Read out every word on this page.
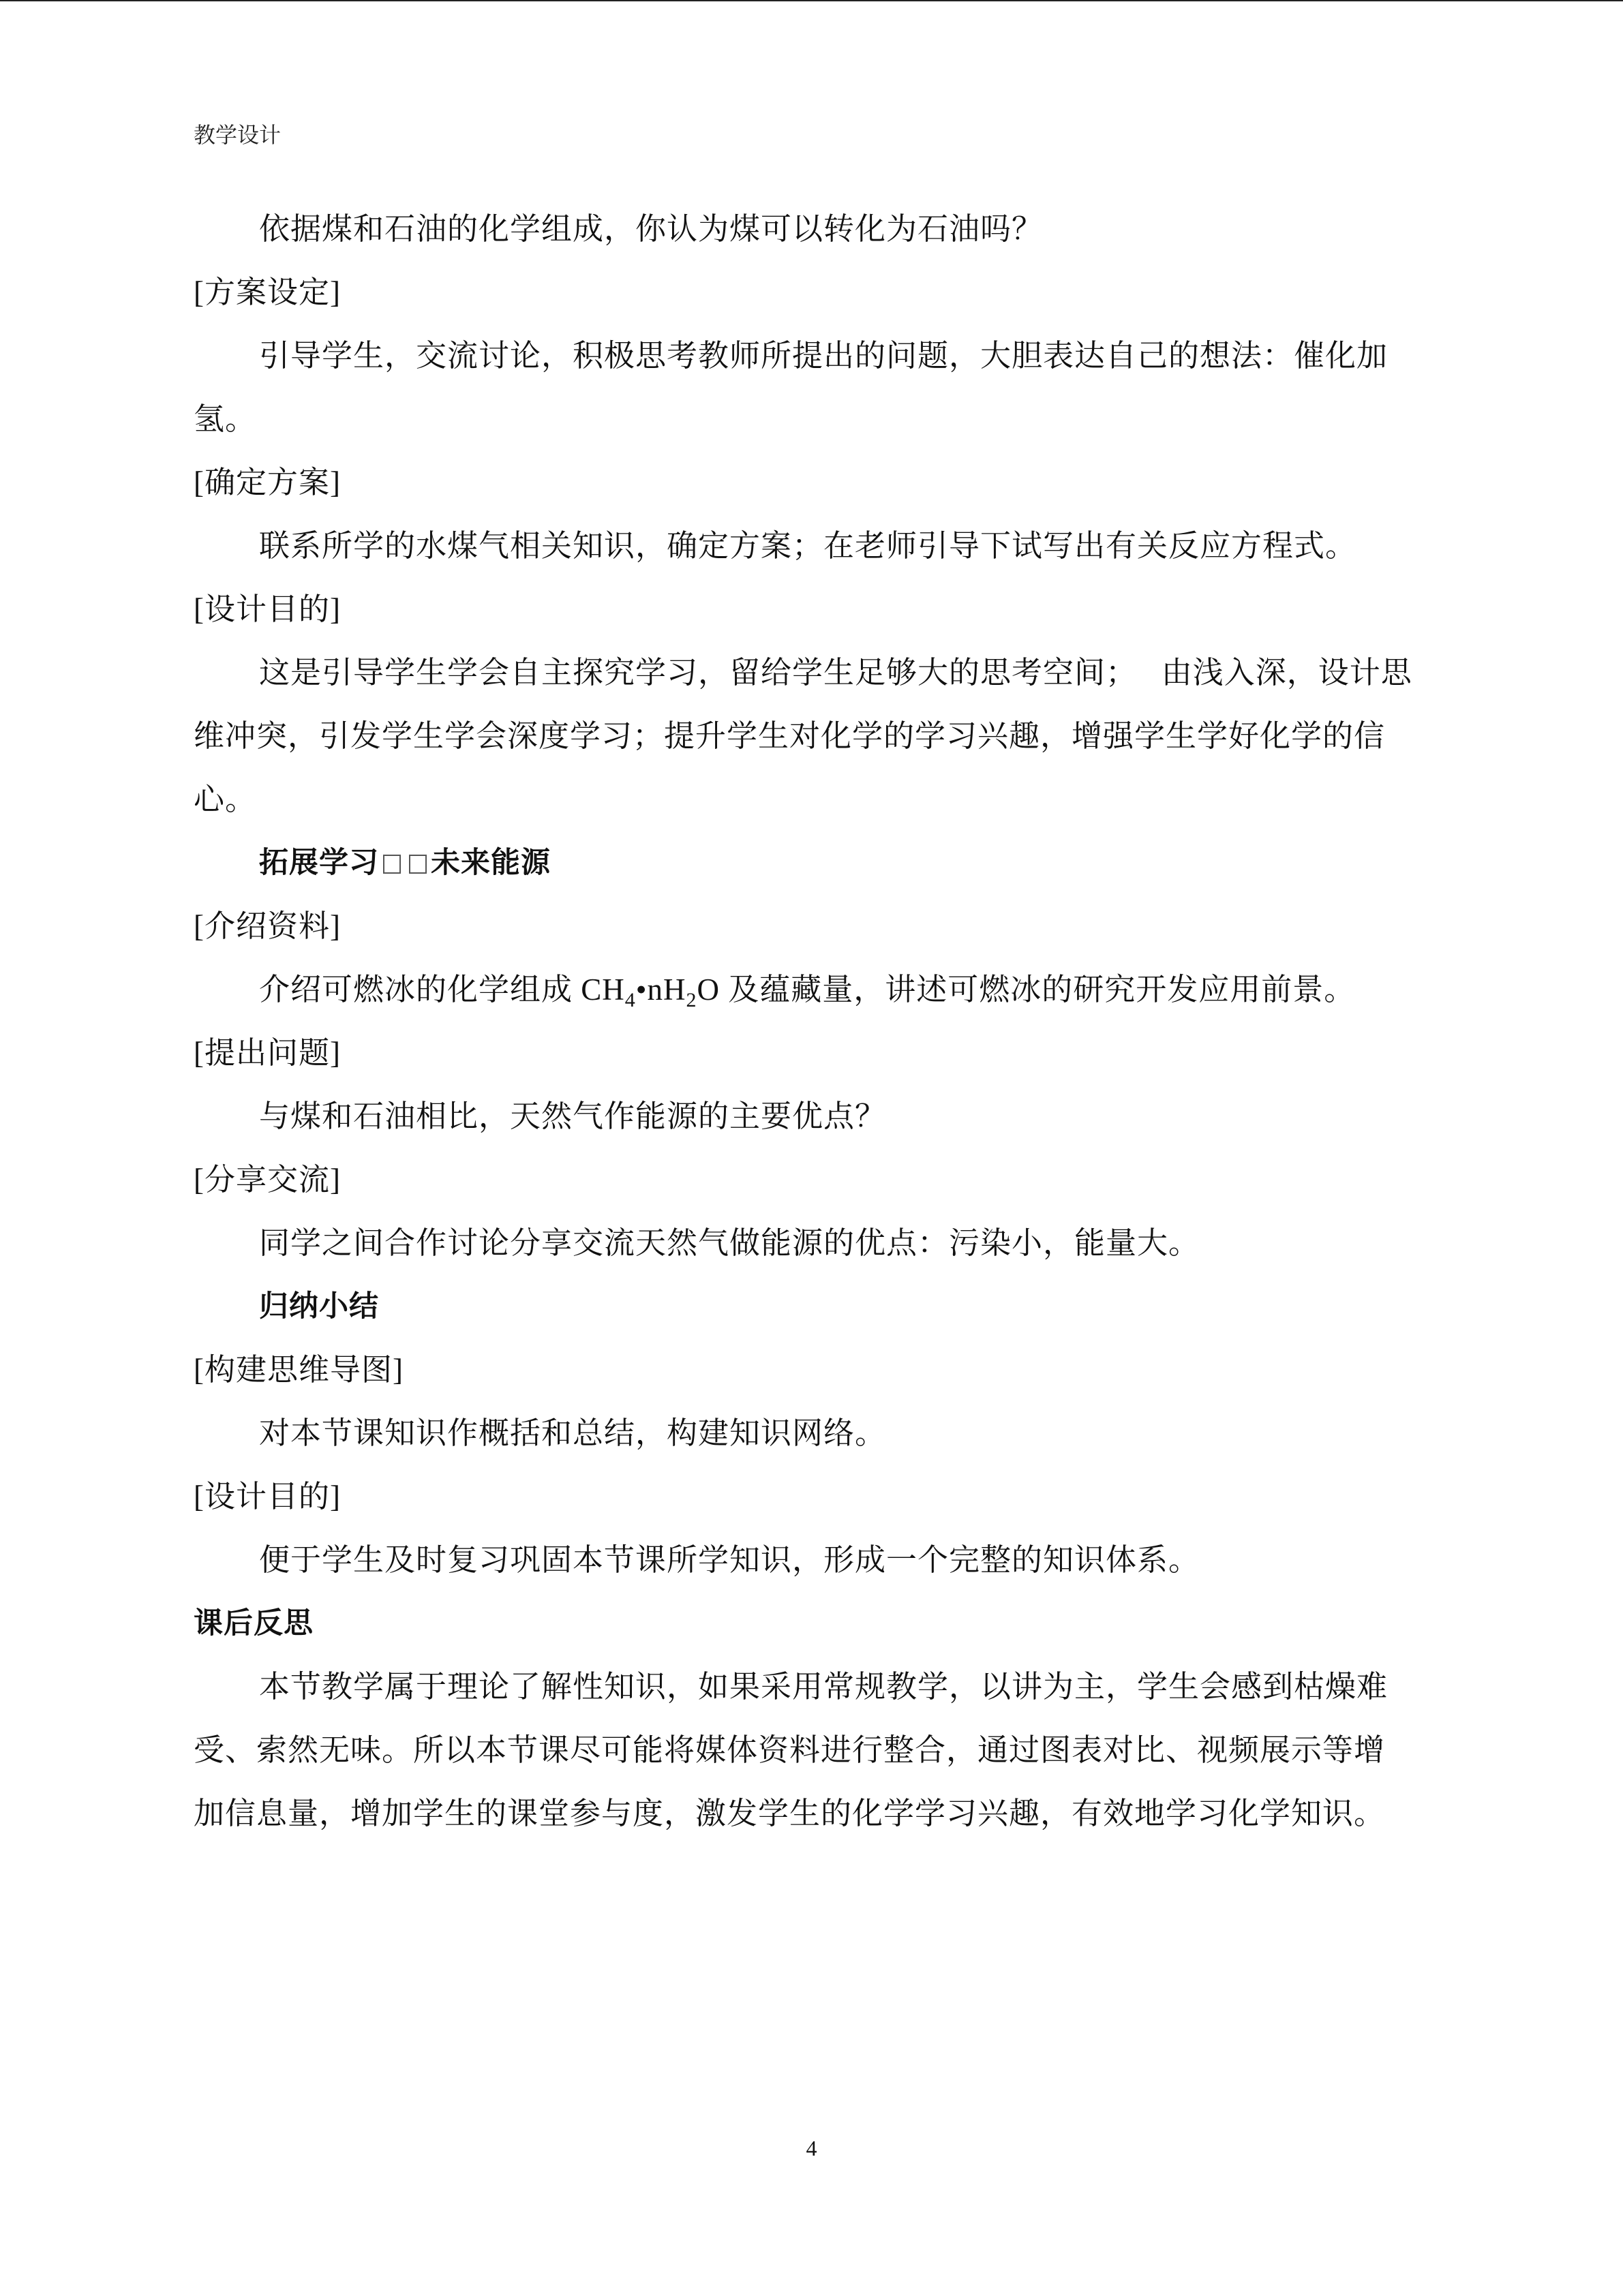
教学设计
依据煤和石油的化学组成，你认为煤可以转化为石油吗？
[方案设定]
引导学生，交流讨论，积极思考教师所提出的问题，大胆表达自己的想法：催化加
氢。
[确定方案]
联系所学的水煤气相关知识，确定方案；在老师引导下试写出有关反应方程式。
[设计目的]
这是引导学生学会自主探究学习，留给学生足够大的思考空间；　 由浅入深，设计思
维冲突，引发学生学会深度学习；提升学生对化学的学习兴趣，增强学生学好化学的信
心。
拓展学习 未来能源
[介绍资料]
介绍可燃冰的化学组成 $CH_4•nH_2O$ 及蕴藏量，讲述可燃冰的研究开发应用前景。
[提出问题]
与煤和石油相比，天然气作能源的主要优点？
[分享交流]
同学之间合作讨论分享交流天然气做能源的优点：污染小，能量大。
归纳小结
[构建思维导图]
对本节课知识作概括和总结，构建知识网络。
[设计目的]
便于学生及时复习巩固本节课所学知识，形成一个完整的知识体系。
课后反思
本节教学属于理论了解性知识，如果采用常规教学，以讲为主，学生会感到枯燥难
受、索然无味。所以本节课尽可能将媒体资料进行整合，通过图表对比、视频展示等增
加信息量，增加学生的课堂参与度，激发学生的化学学习兴趣，有效地学习化学知识。
4
